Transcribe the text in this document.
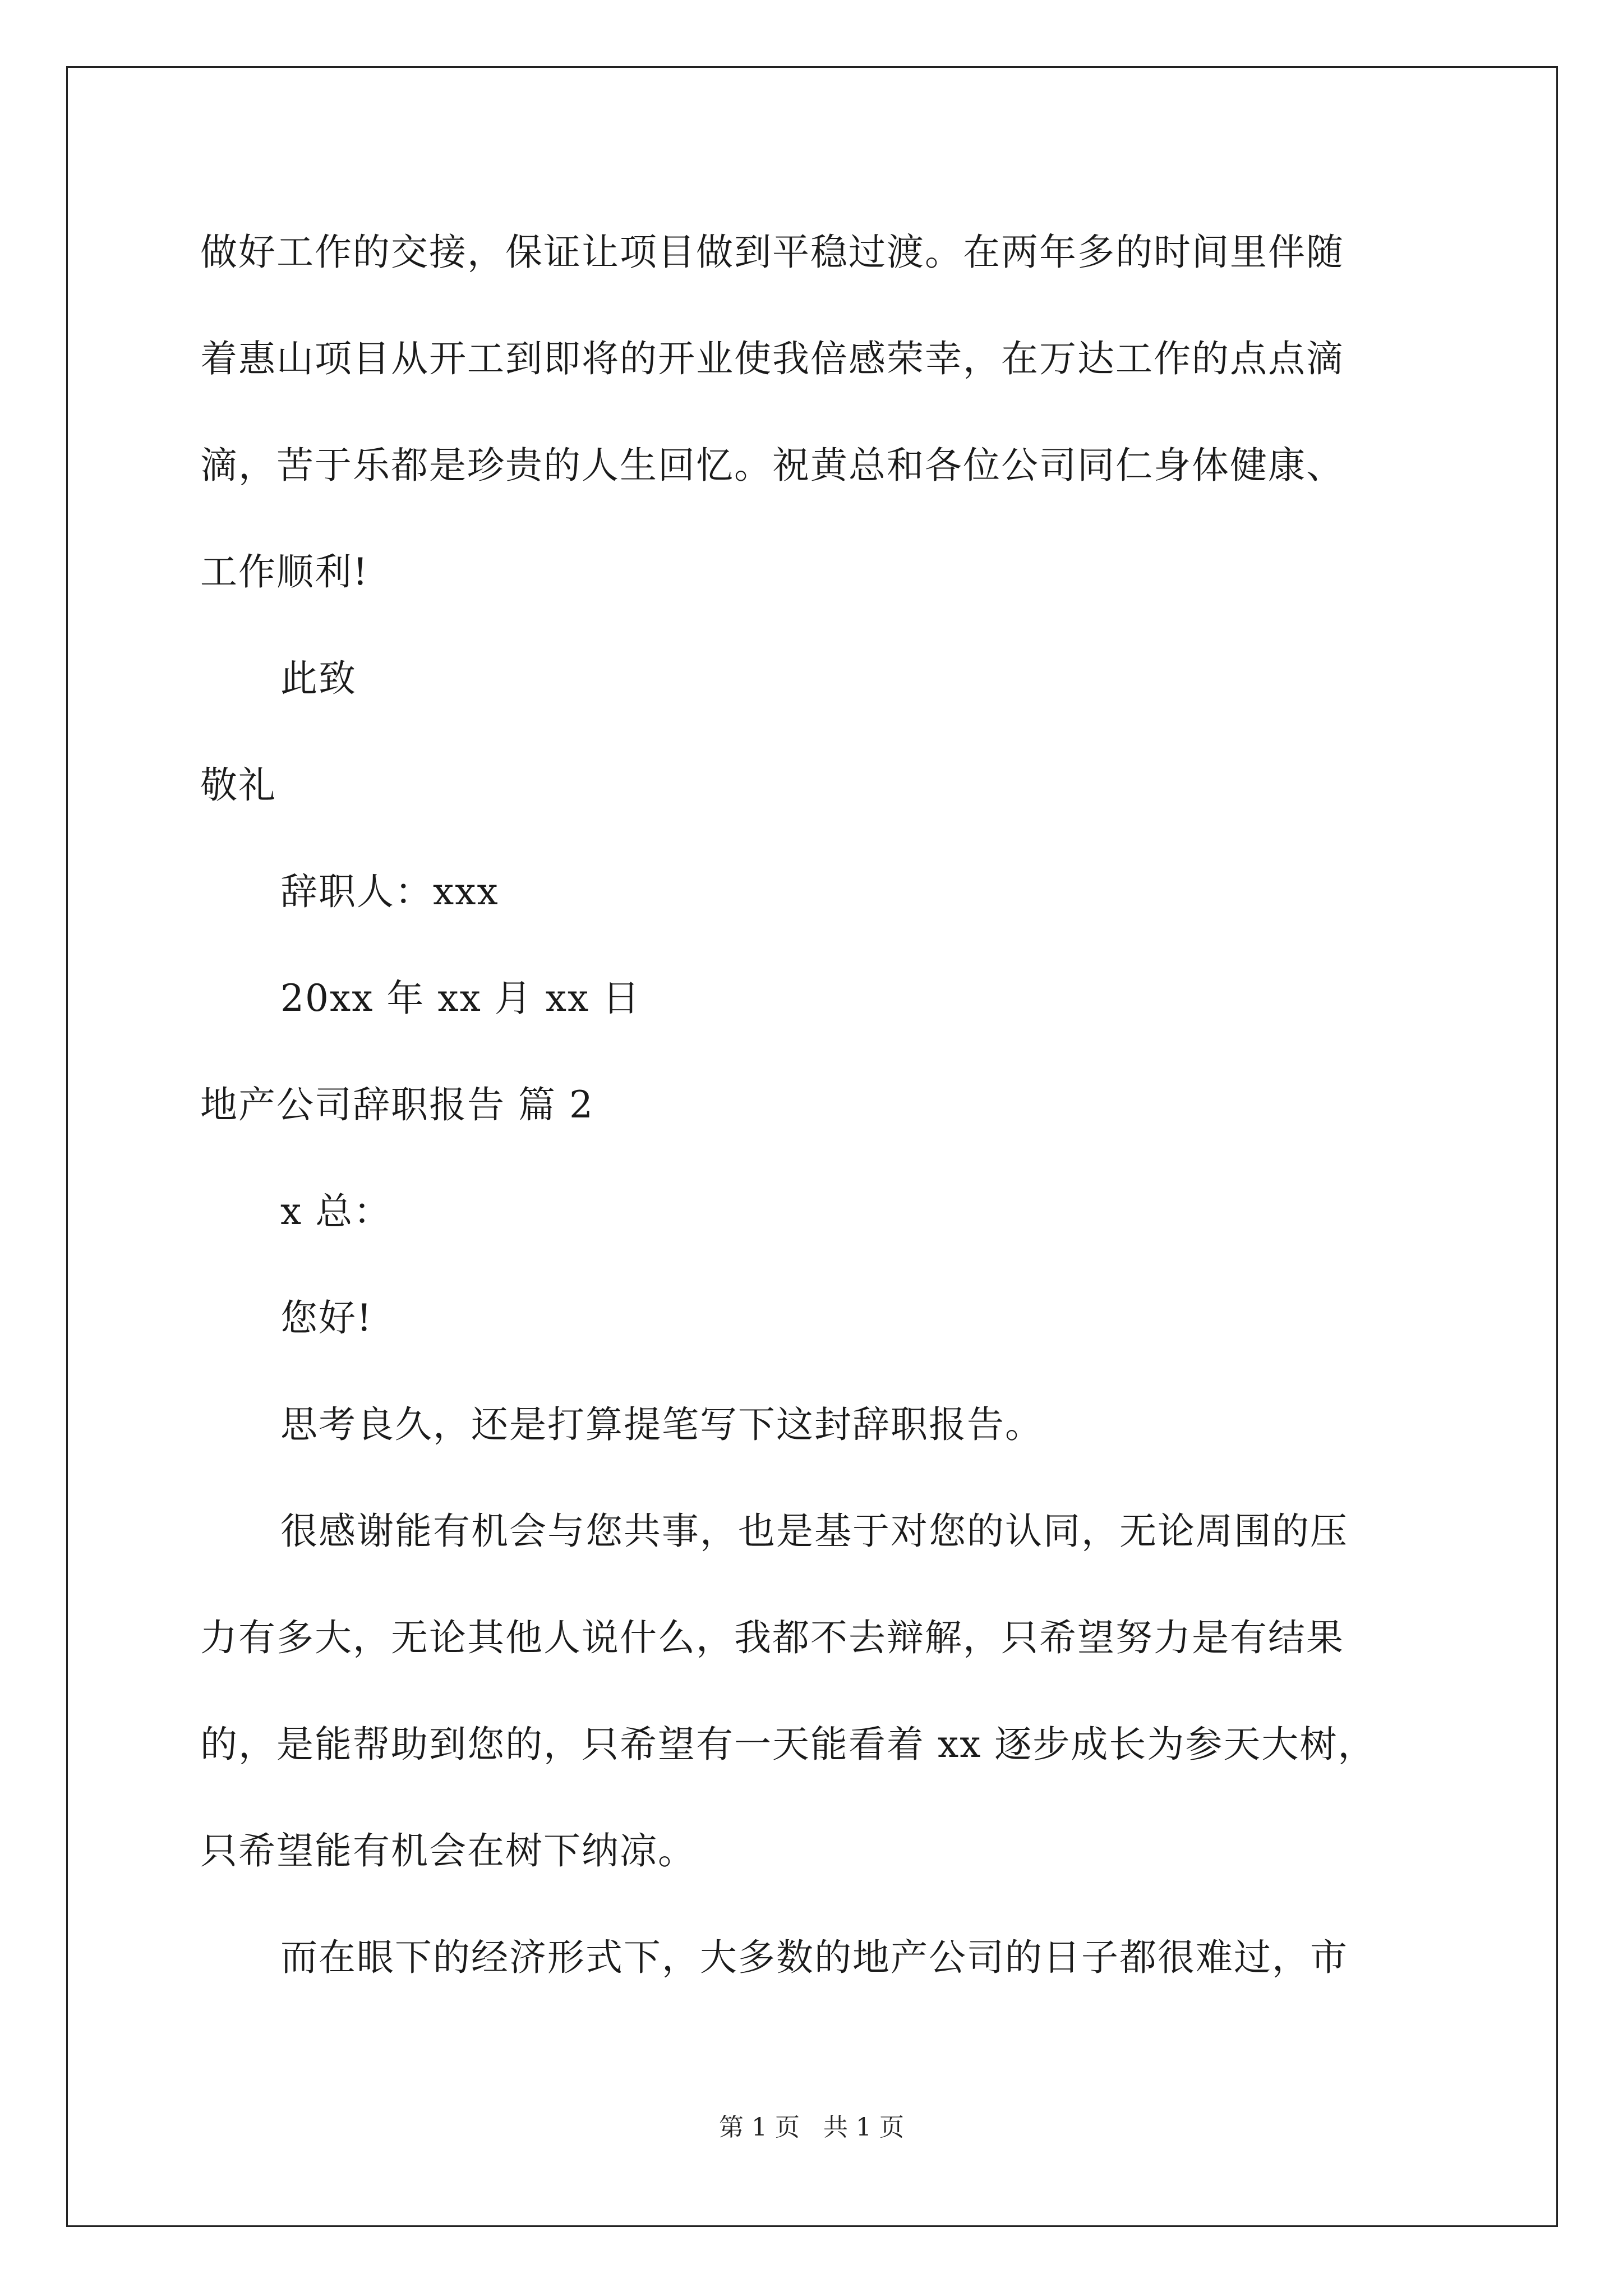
做好工作的交接，保证让项目做到平稳过渡。在两年多的时间里伴随
着惠山项目从开工到即将的开业使我倍感荣幸，在万达工作的点点滴
滴，苦于乐都是珍贵的人生回忆。祝黄总和各位公司同仁身体健康、
工作顺利!
此致
敬礼
辞职人：xxx
20xx 年 xx 月 xx 日
地产公司辞职报告 篇 2
x 总：
您好!
思考良久，还是打算提笔写下这封辞职报告。
很感谢能有机会与您共事，也是基于对您的认同，无论周围的压
力有多大，无论其他人说什么，我都不去辩解，只希望努力是有结果
的，是能帮助到您的，只希望有一天能看着 xx 逐步成长为参天大树，
只希望能有机会在树下纳凉。
而在眼下的经济形式下，大多数的地产公司的日子都很难过，市
第 1 页 共 1 页
